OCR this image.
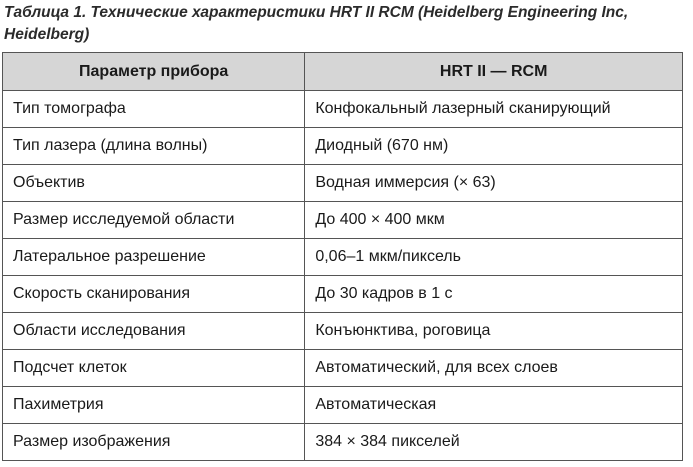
Таблица 1. Технические характеристики HRT II RCM (Heidelberg Engineering Inc, Heidelberg)
Параметр прибора	HRT II — RCM
Тип томографа	Конфокальный лазерный сканирующий
Тип лазера (длина волны)	Диодный (670 нм)
Объектив	Водная иммерсия (× 63)
Размер исследуемой области	До 400 × 400 мкм
Латеральное разрешение	0,06–1 мкм/пиксель
Скорость сканирования	До 30 кадров в 1 с
Области исследования	Конъюнктива, роговица
Подсчет клеток	Автоматический, для всех слоев
Пахиметрия	Автоматическая
Размер изображения	384 × 384 пикселей
